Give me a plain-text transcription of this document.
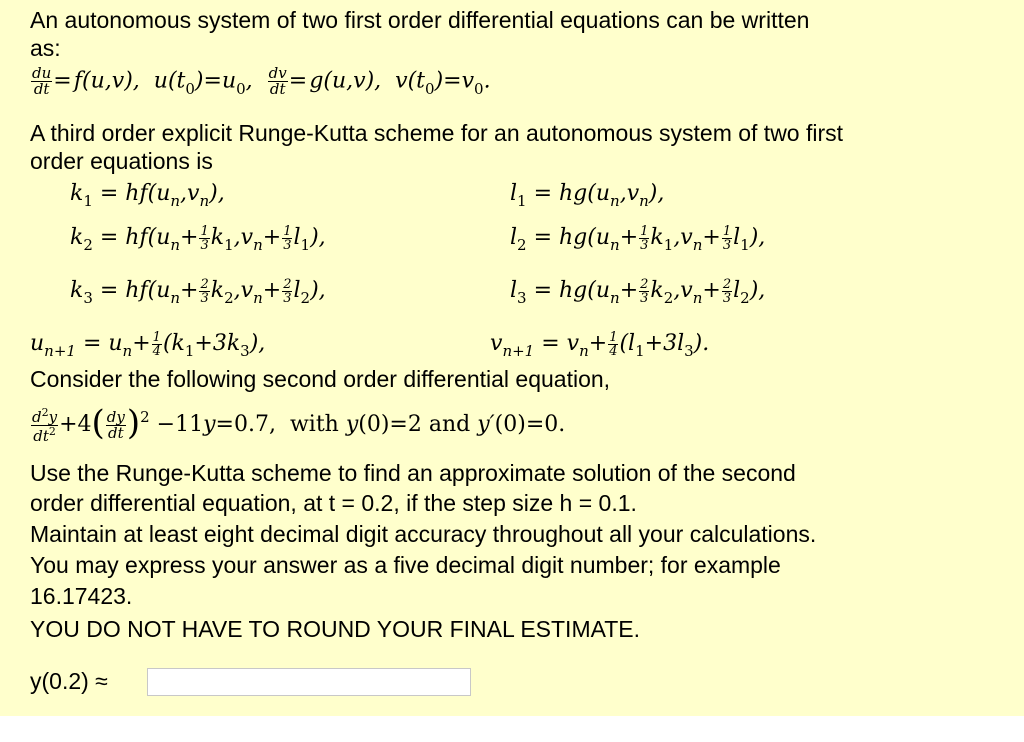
An autonomous system of two first order differential equations can be written
as:
$\frac{du}{dt}$ = f(u,v),  $u(t_0)=u_0$, $\frac{dv}{dt}$ = g(u,v),  $v(t_0)=v_0$.
A third order explicit Runge-Kutta scheme for an autonomous system of two first
order equations is
$k_1 = hf(u_n,v_n)$,
$k_2 = hf(u_n+ \frac{1}{3} k_1,v_n+ \frac{1}{3} l_1)$,
$k_3 = hf(u_n+ \frac{2}{3} k_2,v_n+ \frac{2}{3} l_2)$,
$u_{n+1} = u_n+ \frac{1}{4} (k_1+3k_3)$,
$l_1 = hg(u_n,v_n)$,
$l_2 = hg(u_n+ \frac{1}{3} k_1,v_n+ \frac{1}{3} l_1)$,
$l_3 = hg(u_n+ \frac{2}{3} k_2,v_n+ \frac{2}{3} l_2)$,
$v_{n+1} = v_n+ \frac{1}{4} (l_1+3l_3)$.
Consider the following second order differential equation,
$\frac{d^2y}{dt^2} +4( \frac{dy}{dt} )^2 -11y=0.7$,  with y(0)=2 and y′(0)=0.
Use the Runge-Kutta scheme to find an approximate solution of the second
order differential equation, at t = 0.2, if the step size h = 0.1.
Maintain at least eight decimal digit accuracy throughout all your calculations.
You may express your answer as a five decimal digit number; for example
16.17423.
YOU DO NOT HAVE TO ROUND YOUR FINAL ESTIMATE.
y(0.2) ≈
